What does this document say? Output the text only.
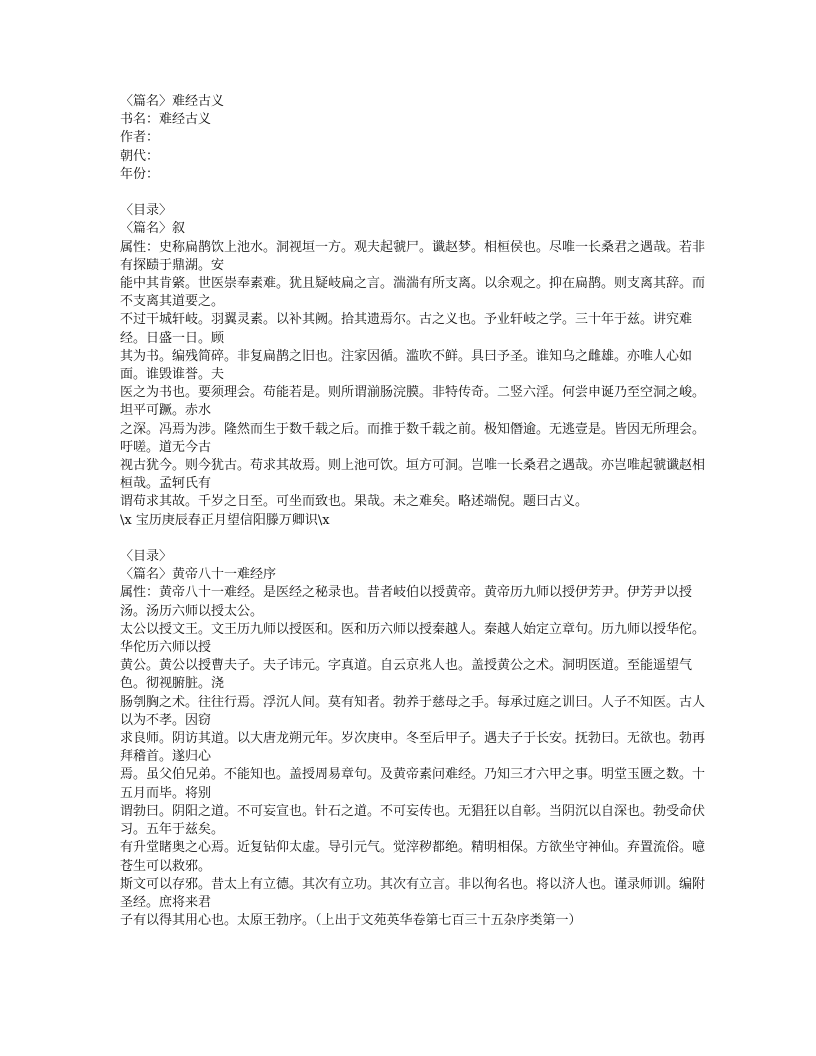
〈篇名〉难经古义
书名：难经古义
作者：
朝代：
年份：
〈目录〉
〈篇名〉叙
属性：史称扁鹊饮上池水。洞视垣一方。观夫起虢尸。谶赵梦。相桓侯也。尽唯一长桑君之遇哉。若非有探赜于鼎湖。安
能中其肯綮。世医崇奉素难。犹且疑岐扁之言。湍湍有所支离。以余观之。抑在扁鹊。则支离其辞。而不支离其道要之。
不过干城轩岐。羽翼灵素。以补其阙。拾其遗焉尔。古之义也。予业轩岐之学。三十年于兹。讲究难经。日盛一日。顾
其为书。编残简碎。非复扁鹊之旧也。注家因循。滥吹不鲜。具曰予圣。谁知乌之雌雄。亦唯人心如面。谁毁谁誉。夫
医之为书也。要须理会。苟能若是。则所谓湔肠浣膜。非特传奇。二竖六淫。何尝申诞乃至空洞之峻。坦平可蹶。赤水
之深。冯焉为涉。隆然而生于数千载之后。而推于数千载之前。极知僭逾。无逃壹是。皆因无所理会。吁嗟。道无今古
视古犹今。则今犹古。苟求其故焉。则上池可饮。垣方可洞。岂唯一长桑君之遇哉。亦岂唯起虢谶赵相桓哉。孟轲氏有
谓苟求其故。千岁之日至。可坐而致也。果哉。未之难矣。略述端倪。题曰古义。
\x 宝历庚辰春正月望信阳滕万卿识\x
〈目录〉
〈篇名〉黄帝八十一难经序
属性：黄帝八十一难经。是医经之秘录也。昔者岐伯以授黄帝。黄帝历九师以授伊芳尹。伊芳尹以授汤。汤历六师以授太公。
太公以授文王。文王历九师以授医和。医和历六师以授秦越人。秦越人始定立章句。历九师以授华佗。华佗历六师以授
黄公。黄公以授曹夫子。夫子讳元。字真道。自云京兆人也。盖授黄公之术。洞明医道。至能遥望气色。彻视腑脏。浇
肠刳胸之术。往往行焉。浮沉人间。莫有知者。勃养于慈母之手。每承过庭之训曰。人子不知医。古人以为不孝。因窃
求良师。阴访其道。以大唐龙朔元年。岁次庚申。冬至后甲子。遇夫子于长安。抚勃曰。无欲也。勃再拜稽首。遂归心
焉。虽父伯兄弟。不能知也。盖授周易章句。及黄帝素问难经。乃知三才六甲之事。明堂玉匮之数。十五月而毕。将别
谓勃曰。阴阳之道。不可妄宣也。针石之道。不可妄传也。无猖狂以自彰。当阴沉以自深也。勃受命伏习。五年于兹矣。
有升堂睹奥之心焉。近复钻仰太虚。导引元气。觉滓秽都绝。精明相保。方欲坐守神仙。弃置流俗。噫苍生可以救邪。
斯文可以存邪。昔太上有立德。其次有立功。其次有立言。非以徇名也。将以济人也。谨录师训。编附圣经。庶将来君
子有以得其用心也。太原王勃序。（上出于文苑英华卷第七百三十五杂序类第一）
